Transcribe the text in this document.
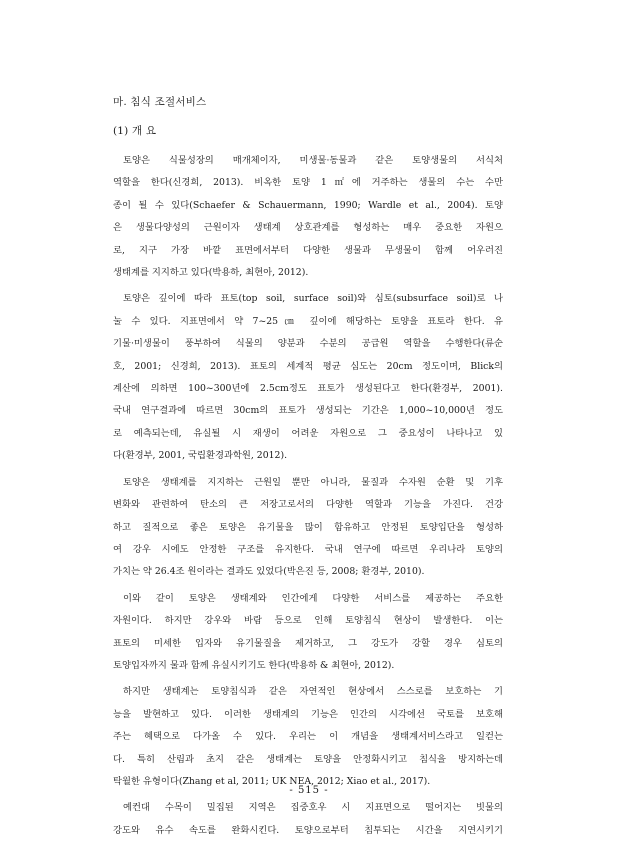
마. 침식 조절서비스
(1) 개 요

토양은 식물성장의 매개체이자, 미생물·동물과 같은 토양생물의 서식처
역할을 한다(신경희, 2013). 비옥한 토양 1㎡에 거주하는 생물의 수는 수만
종이 될 수 있다(Schaefer & Schauermann, 1990; Wardle et al., 2004). 토양
은 생물다양성의 근원이자 생태계 상호관계를 형성하는 매우 중요한 자원으
로, 지구 가장 바깥 표면에서부터 다양한 생물과 무생물이 함께 어우러진
생태계를 지지하고 있다(박용하, 최현아, 2012).

토양은 깊이에 따라 표토(top soil, surface soil)와 심토(subsurface soil)로 나
눌 수 있다. 지표면에서 약 7~25㎝ 깊이에 해당하는 토양을 표토라 한다. 유
기물·미생물이 풍부하여 식물의 양분과 수분의 공급원 역할을 수행한다(류순
호, 2001; 신경희, 2013). 표토의 세계적 평균 심도는 20cm 정도이며, Blick의
계산에 의하면 100~300년에 2.5cm정도 표토가 생성된다고 한다(환경부, 2001).
국내 연구결과에 따르면 30cm의 표토가 생성되는 기간은 1,000~10,000년 정도
로 예측되는데, 유실될 시 재생이 어려운 자원으로 그 중요성이 나타나고 있
다(환경부, 2001, 국립환경과학원, 2012).

토양은 생태계를 지지하는 근원일 뿐만 아니라, 물질과 수자원 순환 및 기후
변화와 관련하여 탄소의 큰 저장고로서의 다양한 역할과 기능을 가진다. 건강
하고 질적으로 좋은 토양은 유기물을 많이 함유하고 안정된 토양입단을 형성하
여 강우 시에도 안정한 구조를 유지한다. 국내 연구에 따르면 우리나라 토양의
가치는 약 26.4조 원이라는 결과도 있었다(박은진 등, 2008; 환경부, 2010).

이와 같이 토양은 생태계와 인간에게 다양한 서비스를 제공하는 주요한
자원이다. 하지만 강우와 바람 등으로 인해 토양침식 현상이 발생한다. 이는
표토의 미세한 입자와 유기물질을 제거하고, 그 강도가 강할 경우 심토의
토양입자까지 물과 함께 유실시키기도 한다(박용하 & 최현아, 2012).

하지만 생태계는 토양침식과 같은 자연적인 현상에서 스스로를 보호하는 기
능을 발현하고 있다. 이러한 생태계의 기능은 인간의 시각에선 국토를 보호해
주는 혜택으로 다가올 수 있다. 우리는 이 개념을 생태계서비스라고 일컫는
다. 특히 산림과 초지 같은 생태계는 토양을 안정화시키고 침식을 방지하는데
탁월한 유형이다(Zhang et al, 2011; UK NEA, 2012; Xiao et al., 2017).

예컨대 수목이 밀집된 지역은 집중호우 시 지표면으로 떨어지는 빗물의
강도와 유수 속도를 완화시킨다. 토양으로부터 침투되는 시간을 지연시키기

- 515 -
